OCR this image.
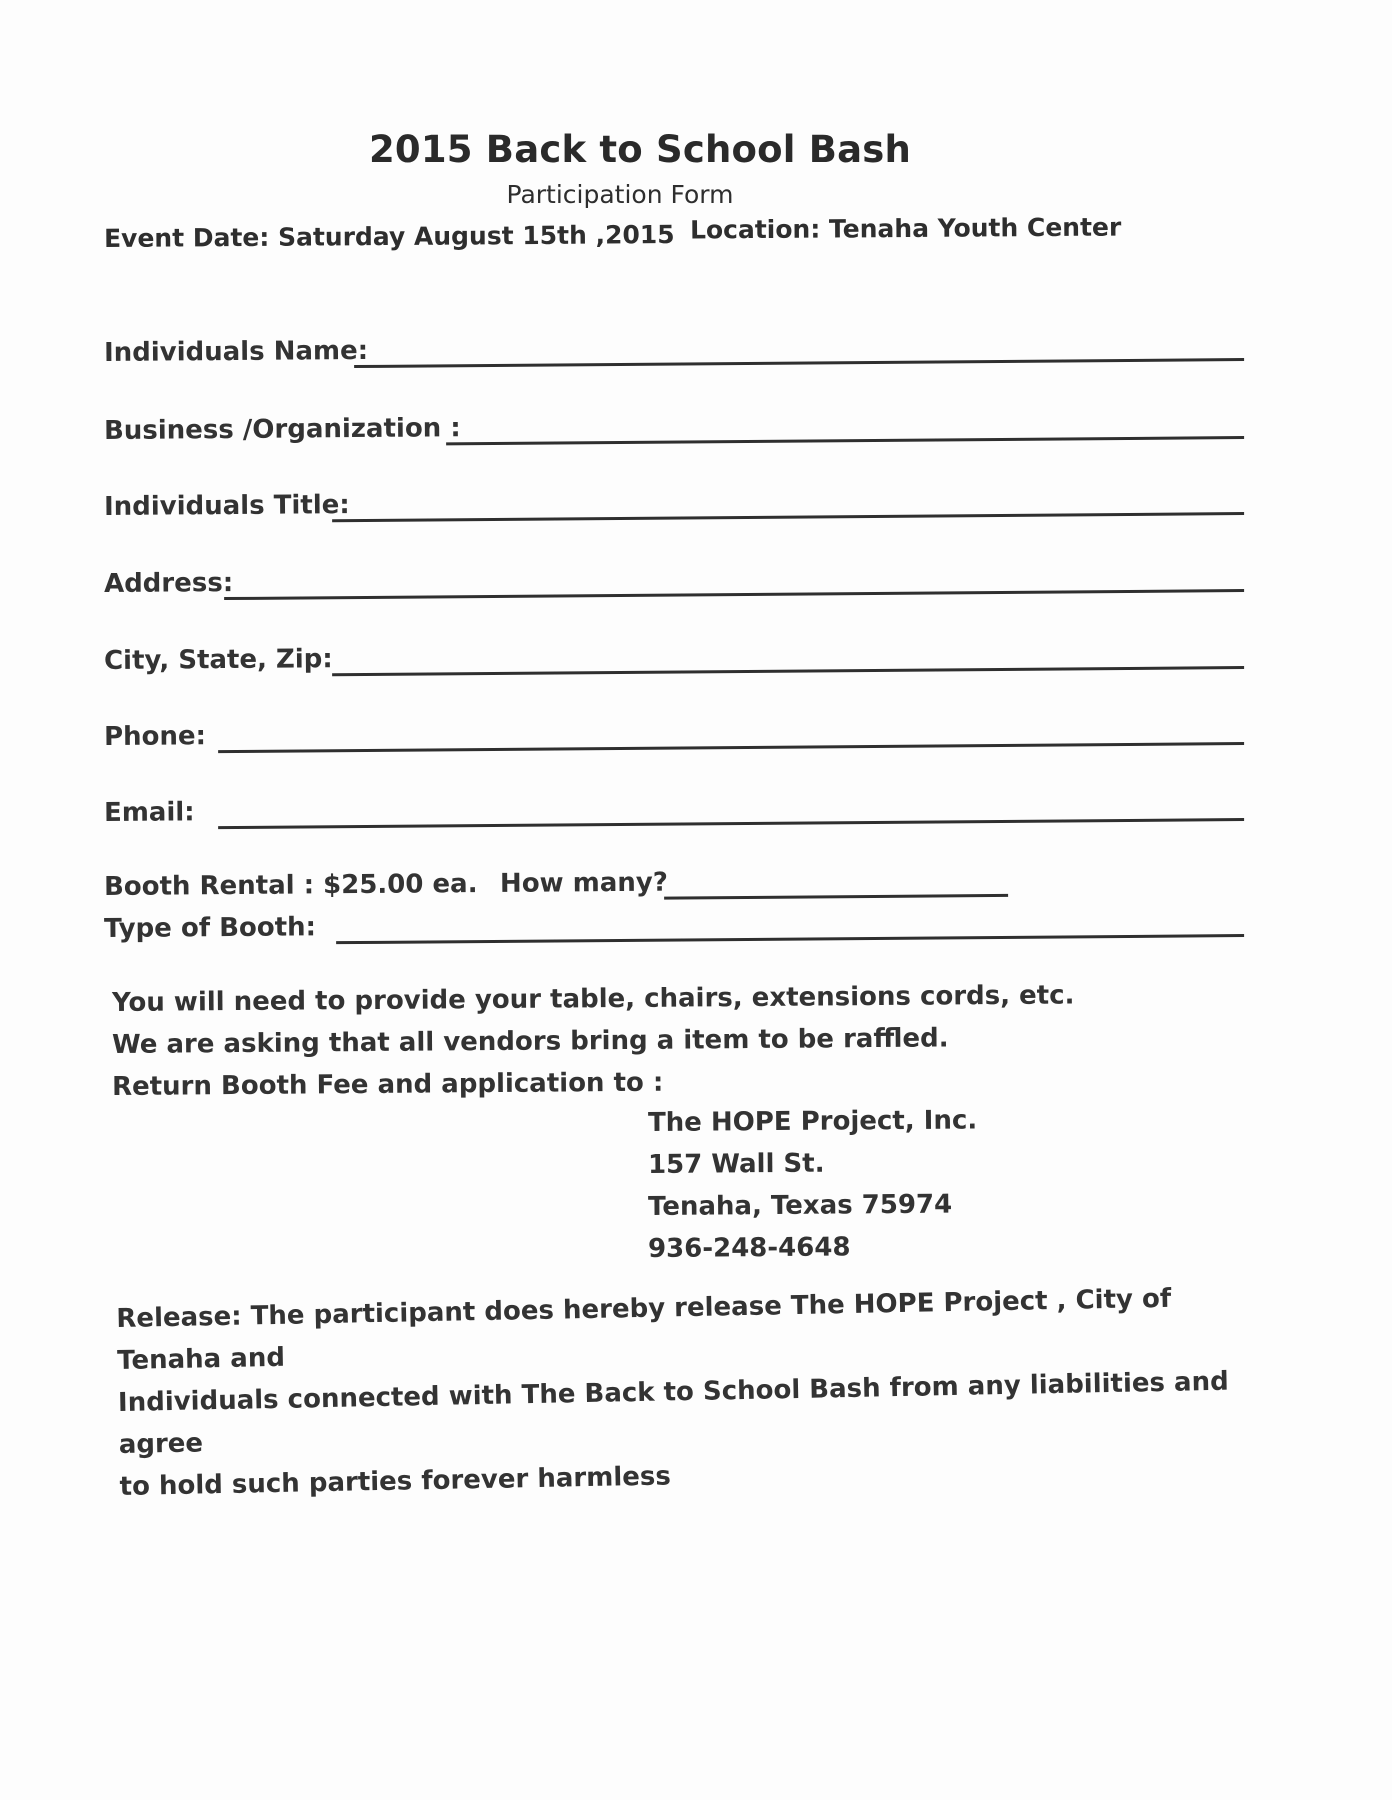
2015 Back to School Bash
Participation Form
Event Date: Saturday August 15th ,2015 Location: Tenaha Youth Center
Individuals Name:
Business /Organization :
Individuals Title:
Address:
City, State, Zip:
Phone:
Email:
Booth Rental : $25.00 ea. How many?
Type of Booth:
You will need to provide your table, chairs, extensions cords, etc.
We are asking that all vendors bring a item to be raffled.
Return Booth Fee and application to :
The HOPE Project, Inc.
157 Wall St.
Tenaha, Texas 75974
936-248-4648
Release: The participant does hereby release The HOPE Project , City of Tenaha and
Individuals connected with The Back to School Bash from any liabilities and agree
to hold such parties forever harmless
